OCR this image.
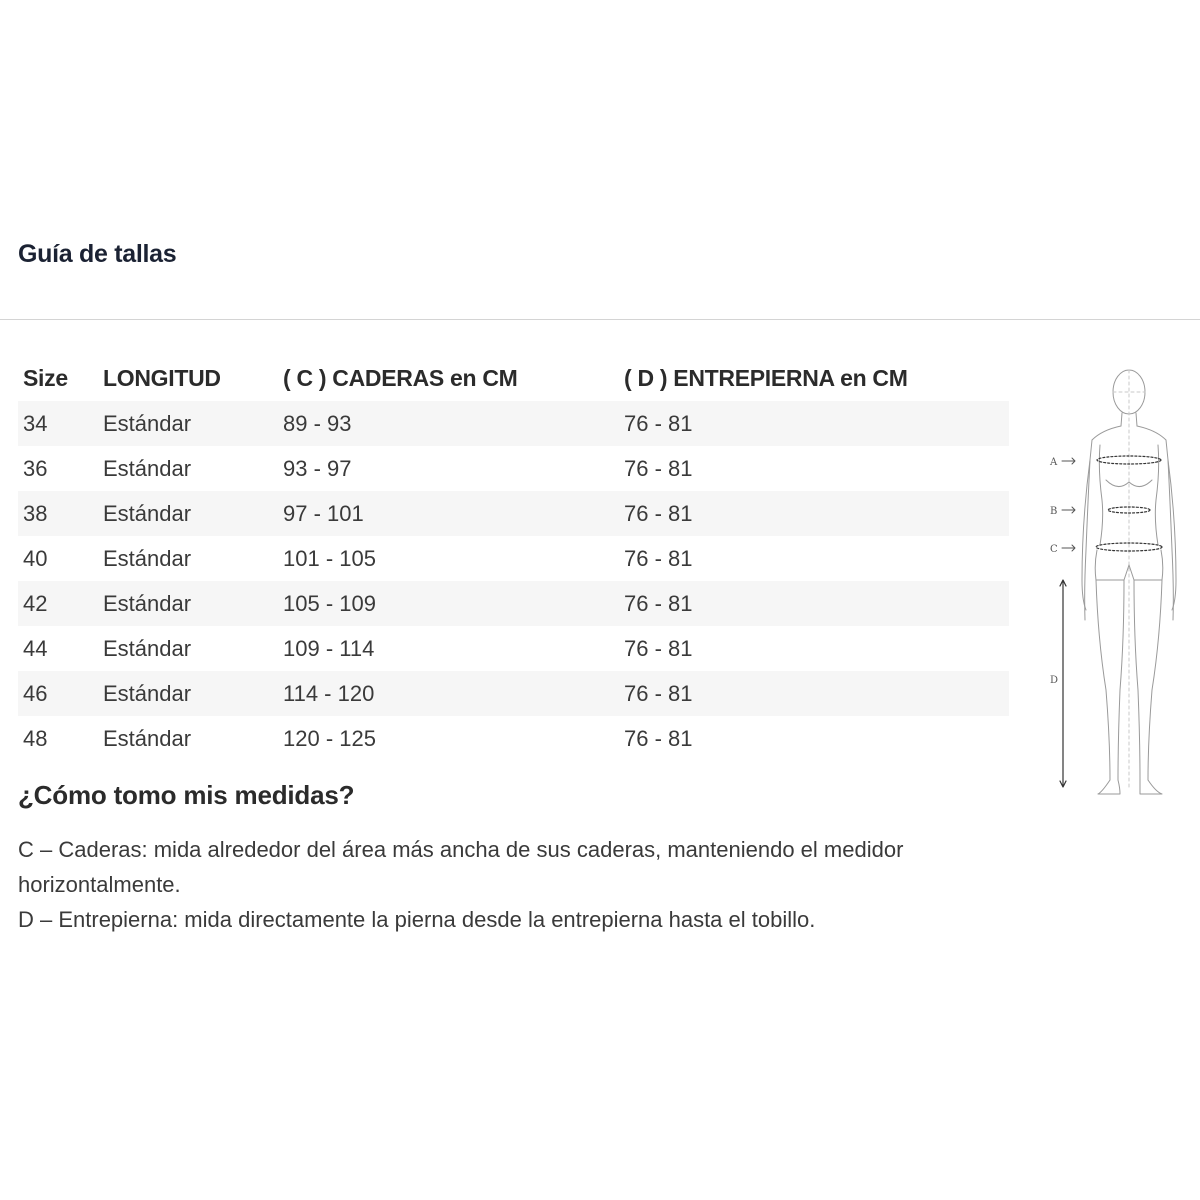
Guía de tallas
Size	LONGITUD	( C ) CADERAS en CM	( D ) ENTREPIERNA en CM
34	Estándar	89 - 93	76 - 81
36	Estándar	93 - 97	76 - 81
38	Estándar	97 - 101	76 - 81
40	Estándar	101 - 105	76 - 81
42	Estándar	105 - 109	76 - 81
44	Estándar	109 - 114	76 - 81
46	Estándar	114 - 120	76 - 81
48	Estándar	120 - 125	76 - 81
¿Cómo tomo mis medidas?

C – Caderas: mida alrededor del área más ancha de sus caderas, manteniendo el medidor horizontalmente.

D – Entrepierna: mida directamente la pierna desde la entrepierna hasta el tobillo.

A
B
C
D
